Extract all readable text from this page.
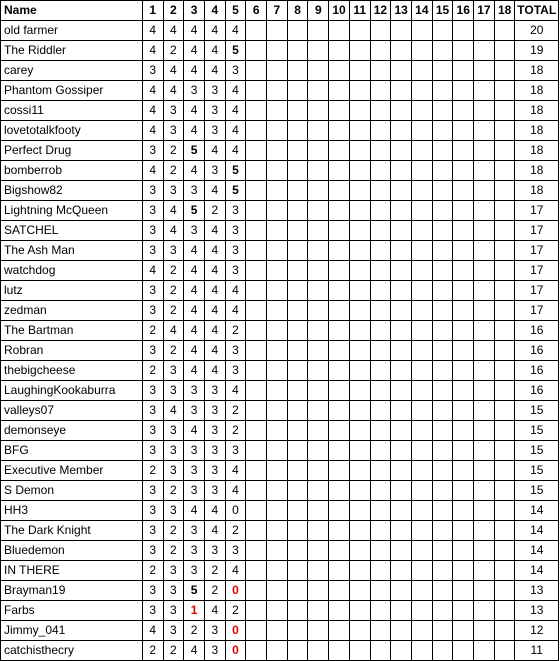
Name	1	2	3	4	5	6	7	8	9	10	11	12	13	14	15	16	17	18	TOTAL
old farmer	4	4	4	4	4														20
The Riddler	4	2	4	4	5														19
carey	3	4	4	4	3														18
Phantom Gossiper	4	4	3	3	4														18
cossi11	4	3	4	3	4														18
lovetotalkfooty	4	3	4	3	4														18
Perfect Drug	3	2	5	4	4														18
bomberrob	4	2	4	3	5														18
Bigshow82	3	3	3	4	5														18
Lightning McQueen	3	4	5	2	3														17
SATCHEL	3	4	3	4	3														17
The Ash Man	3	3	4	4	3														17
watchdog	4	2	4	4	3														17
lutz	3	2	4	4	4														17
zedman	3	2	4	4	4														17
The Bartman	2	4	4	4	2														16
Robran	3	2	4	4	3														16
thebigcheese	2	3	4	4	3														16
LaughingKookaburra	3	3	3	3	4														16
valleys07	3	4	3	3	2														15
demonseye	3	3	4	3	2														15
BFG	3	3	3	3	3														15
Executive Member	2	3	3	3	4														15
S Demon	3	2	3	3	4														15
HH3	3	3	4	4	0														14
The Dark Knight	3	2	3	4	2														14
Bluedemon	3	2	3	3	3														14
IN THERE	2	3	3	2	4														14
Brayman19	3	3	5	2	0														13
Farbs	3	3	1	4	2														13
Jimmy_041	4	3	2	3	0														12
catchisthecry	2	2	4	3	0														11
